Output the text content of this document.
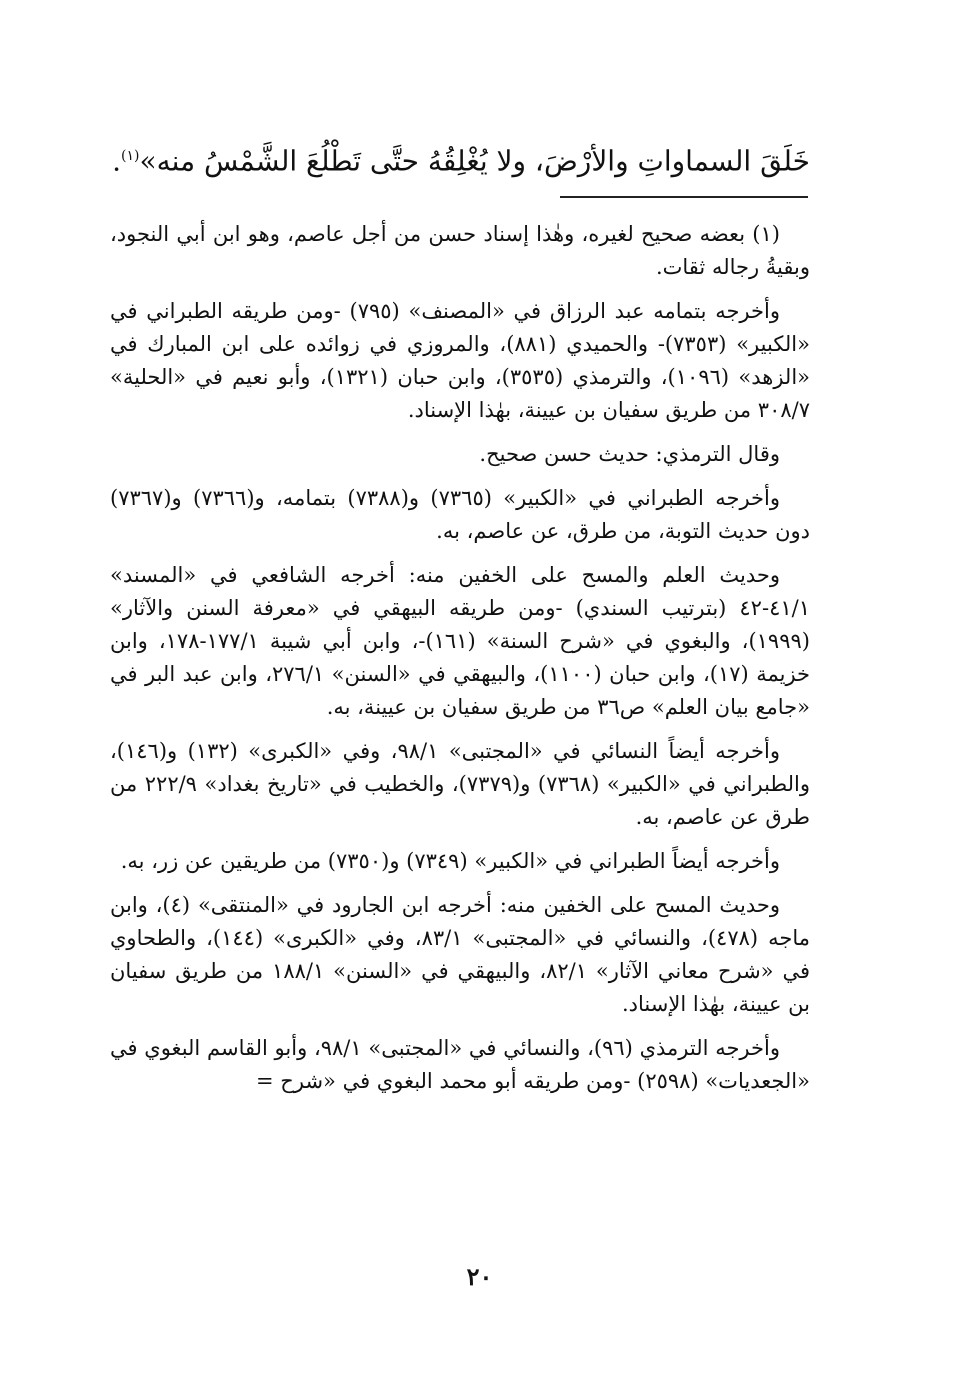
خَلَقَ السماواتِ والأرْضَ، ولا يُغْلِقُهُ حتَّى تَطْلُعَ الشَّمْسُ منه»$^{(١)}$.

(١) بعضه صحيح لغيره، وهٰذا إسناد حسن من أجل عاصم، وهو ابن أبي النجود، وبقيةُ رجاله ثقات.

وأخرجه بتمامه عبد الرزاق في «المصنف» (٧٩٥) -ومن طريقه الطبراني في «الكبير» (٧٣٥٣)- والحميدي (٨٨١)، والمروزي في زوائده على ابن المبارك في «الزهد» (١٠٩٦)، والترمذي (٣٥٣٥)، وابن حبان (١٣٢١)، وأبو نعيم في «الحلية» ٣٠٨/٧ من طريق سفيان بن عيينة، بهٰذا الإسناد.

وقال الترمذي: حديث حسن صحيح.

وأخرجه الطبراني في «الكبير» (٧٣٦٥) و(٧٣٨٨) بتمامه، و(٧٣٦٦) و(٧٣٦٧) دون حديث التوبة، من طرق، عن عاصم، به.

وحديث العلم والمسح على الخفين منه: أخرجه الشافعي في «المسند» ٤١/١-٤٢ (بترتيب السندي) -ومن طريقه البيهقي في «معرفة السنن والآثار» (١٩٩٩)، والبغوي في «شرح السنة» (١٦١)-، وابن أبي شيبة ١٧٧/١-١٧٨، وابن خزيمة (١٧)، وابن حبان (١١٠٠)، والبيهقي في «السنن» ٢٧٦/١، وابن عبد البر في «جامع بيان العلم» ص٣٦ من طريق سفيان بن عيينة، به.

وأخرجه أيضاً النسائي في «المجتبى» ٩٨/١، وفي «الكبرى» (١٣٢) و(١٤٦)، والطبراني في «الكبير» (٧٣٦٨) و(٧٣٧٩)، والخطيب في «تاريخ بغداد» ٢٢٢/٩ من طرق عن عاصم، به.

وأخرجه أيضاً الطبراني في «الكبير» (٧٣٤٩) و(٧٣٥٠) من طريقين عن زر، به.

وحديث المسح على الخفين منه: أخرجه ابن الجارود في «المنتقى» (٤)، وابن ماجه (٤٧٨)، والنسائي في «المجتبى» ٨٣/١، وفي «الكبرى» (١٤٤)، والطحاوي في «شرح معاني الآثار» ٨٢/١، والبيهقي في «السنن» ١٨٨/١ من طريق سفيان بن عيينة، بهٰذا الإسناد.

وأخرجه الترمذي (٩٦)، والنسائي في «المجتبى» ٩٨/١، وأبو القاسم البغوي في «الجعديات» (٢٥٩٨) -ومن طريقه أبو محمد البغوي في «شرح =

٢٠
